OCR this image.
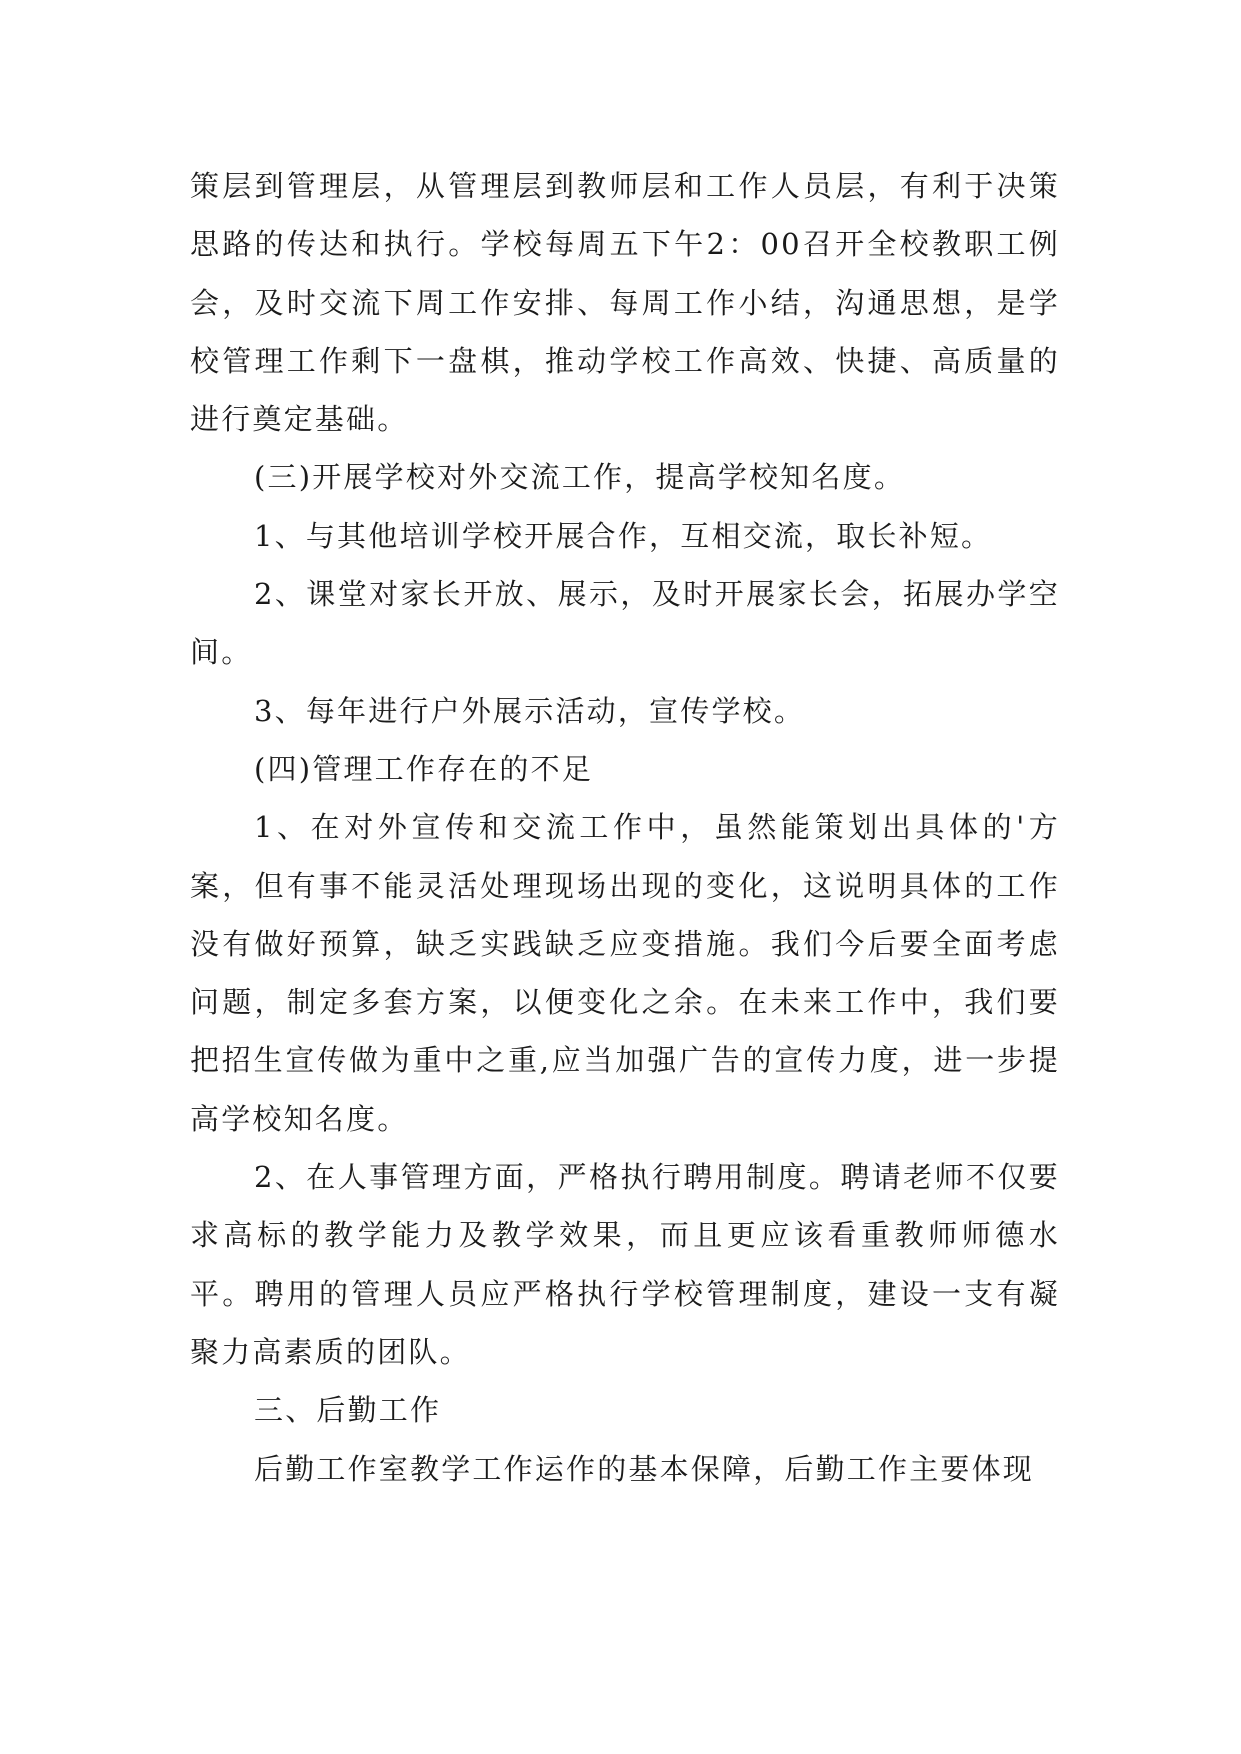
策层到管理层，从管理层到教师层和工作人员层，有利于决策思路的传达和执行。学校每周五下午2：00召开全校教职工例会，及时交流下周工作安排、每周工作小结，沟通思想，是学校管理工作剩下一盘棋，推动学校工作高效、快捷、高质量的进行奠定基础。

(三)开展学校对外交流工作，提高学校知名度。

1、与其他培训学校开展合作，互相交流，取长补短。

2、课堂对家长开放、展示，及时开展家长会，拓展办学空间。

3、每年进行户外展示活动，宣传学校。

(四)管理工作存在的不足

1、在对外宣传和交流工作中，虽然能策划出具体的'方案，但有事不能灵活处理现场出现的变化，这说明具体的工作没有做好预算，缺乏实践缺乏应变措施。我们今后要全面考虑问题，制定多套方案，以便变化之余。在未来工作中，我们要把招生宣传做为重中之重,应当加强广告的宣传力度，进一步提高学校知名度。

2、在人事管理方面，严格执行聘用制度。聘请老师不仅要求高标的教学能力及教学效果，而且更应该看重教师师德水平。聘用的管理人员应严格执行学校管理制度，建设一支有凝聚力高素质的团队。

三、后勤工作

后勤工作室教学工作运作的基本保障，后勤工作主要体现
